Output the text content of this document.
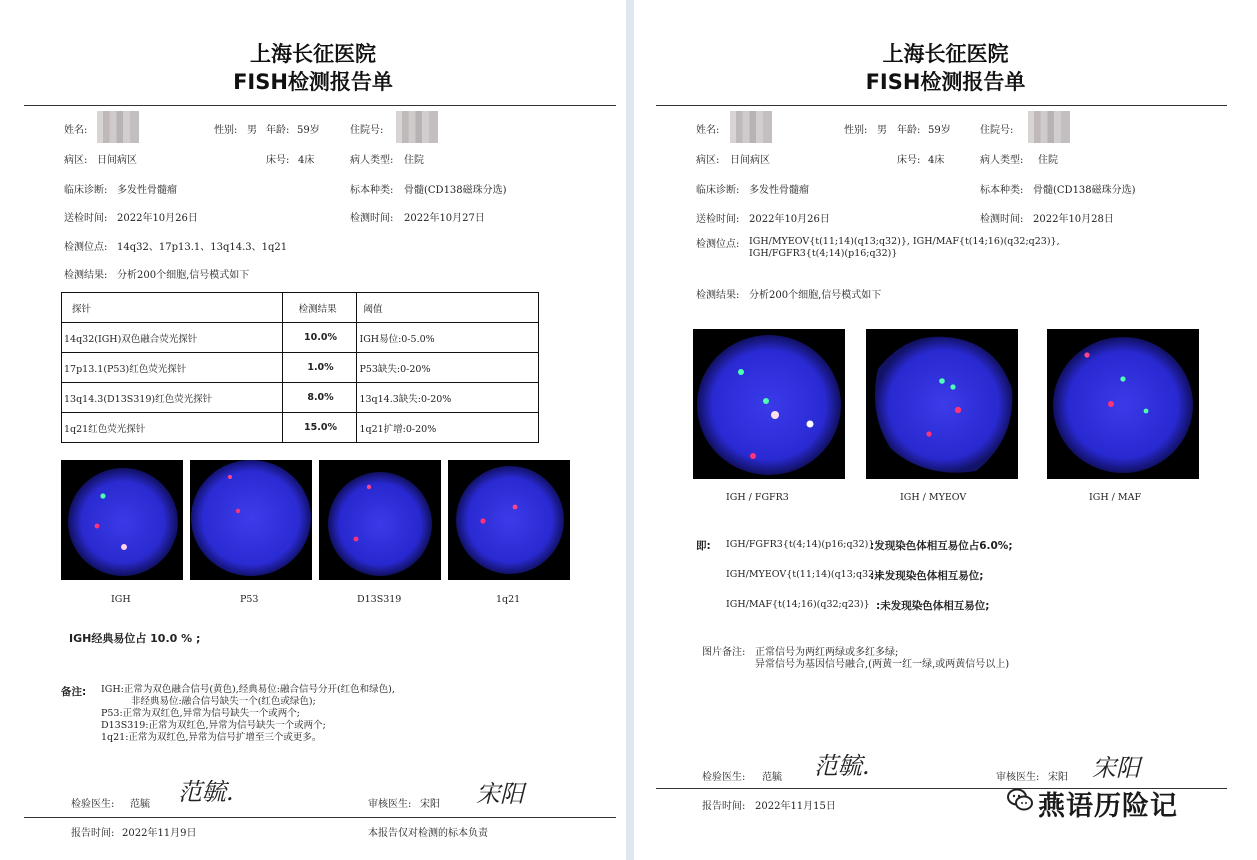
上海长征医院
FISH检测报告单
姓名:	性别: 男 年龄: 59岁	住院号:
病区: 日间病区	床号: 4床	病人类型: 住院
临床诊断: 多发性骨髓瘤	标本种类: 骨髓(CD138磁珠分选)
送检时间: 2022年10月26日	检测时间: 2022年10月27日
检测位点: 14q32、17p13.1、13q14.3、1q21
检测结果: 分析200个细胞,信号模式如下
探针	检测结果	阈值
14q32(IGH)双色融合荧光探针	10.0%	IGH易位:0-5.0%
17p13.1(P53)红色荧光探针	1.0%	P53缺失:0-20%
13q14.3(D13S319)红色荧光探针	8.0%	13q14.3缺失:0-20%
1q21红色荧光探针	15.0%	1q21扩增:0-20%
IGH	P53	D13S319	1q21
IGH经典易位占 10.0 % ;
备注: IGH:正常为双色融合信号(黄色),经典易位:融合信号分开(红色和绿色),
非经典易位:融合信号缺失一个(红色或绿色);
P53:正常为双红色,异常为信号缺失一个或两个;
D13S319:正常为双红色,异常为信号缺失一个或两个;
1q21:正常为双红色,异常为信号扩增至三个或更多。
检验医生: 范毓 范毓.	审核医生: 宋阳 宋阳
报告时间: 2022年11月9日	本报告仅对检测的标本负责
上海长征医院
FISH检测报告单
姓名:	性别: 男 年龄: 59岁	住院号:
病区: 日间病区	床号: 4床	病人类型: 住院
临床诊断: 多发性骨髓瘤	标本种类: 骨髓(CD138磁珠分选)
送检时间: 2022年10月26日	检测时间: 2022年10月28日
检测位点: IGH/MYEOV{t(11;14)(q13;q32)}, IGH/MAF{t(14;16)(q32;q23)},
IGH/FGFR3{t(4;14)(p16;q32)}
检测结果: 分析200个细胞,信号模式如下
IGH / FGFR3	IGH / MYEOV	IGH / MAF
即: IGH/FGFR3{t(4;14)(p16;q32)}
:发现染色体相互易位占6.0%;
IGH/MYEOV{t(11;14)(q13;q32)}
:未发现染色体相互易位;
IGH/MAF{t(14;16)(q32;q23)} :未发现染色体相互易位;
图片备注: 正常信号为两红两绿或多红多绿;
异常信号为基因信号融合,(两黄一红一绿,或两黄信号以上)
检验医生: 范毓 范毓.	审核医生: 宋阳 宋阳
报告时间: 2022年11月15日	燕语历险记
